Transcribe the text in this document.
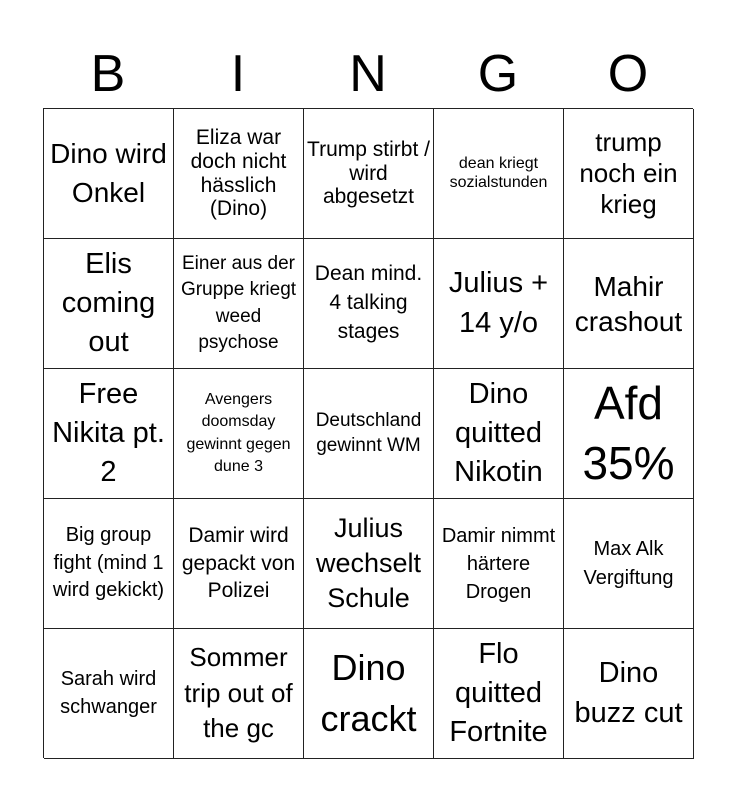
B	I	N	G	O
Dino wird Onkel
Eliza war doch nicht hässlich (Dino)
Trump stirbt / wird abgesetzt
dean kriegt sozialstunden
trump noch ein krieg
Elis coming out
Einer aus der Gruppe kriegt weed psychose
Dean mind. 4 talking stages
Julius + 14 y/o
Mahir crashout
Free Nikita pt. 2
Avengers doomsday gewinnt gegen dune 3
Deutschland gewinnt WM
Dino quitted Nikotin
Afd 35%
Big group fight (mind 1 wird gekickt)
Damir wird gepackt von Polizei
Julius wechselt Schule
Damir nimmt härtere Drogen
Max Alk Vergiftung
Sarah wird schwanger
Sommer trip out of the gc
Dino crackt
Flo quitted Fortnite
Dino buzz cut
